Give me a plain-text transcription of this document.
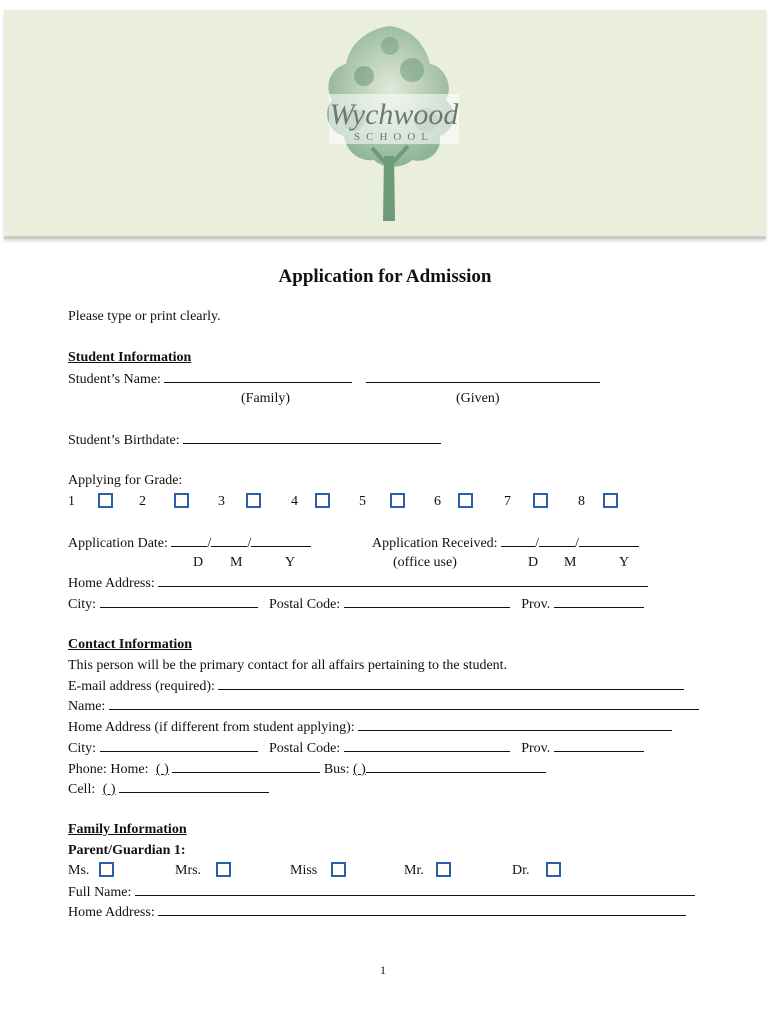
Wychwood
SCHOOL
Application for Admission
Please type or print clearly.
Student Information
Student’s Name:
(Family)	(Given)
Student’s Birthdate:
Applying for Grade:
1	2	3	4	5	6	7	8
Application Date:	/	/	Application Received:	/	/
D M	Y	(office use)	D M	Y
Home Address:
City:	Postal Code:	Prov.
Contact Information
This person will be the primary contact for all affairs pertaining to the student.
E-mail address (required):
Name:
Home Address (if different from student applying):
City:	Postal Code:	Prov.
Phone: Home: ( )	Bus: ( )
Cell: ( )
Family Information
Parent/Guardian 1:
Ms.	Mrs.	Miss	Mr.	Dr.
Full Name:
Home Address:
1
